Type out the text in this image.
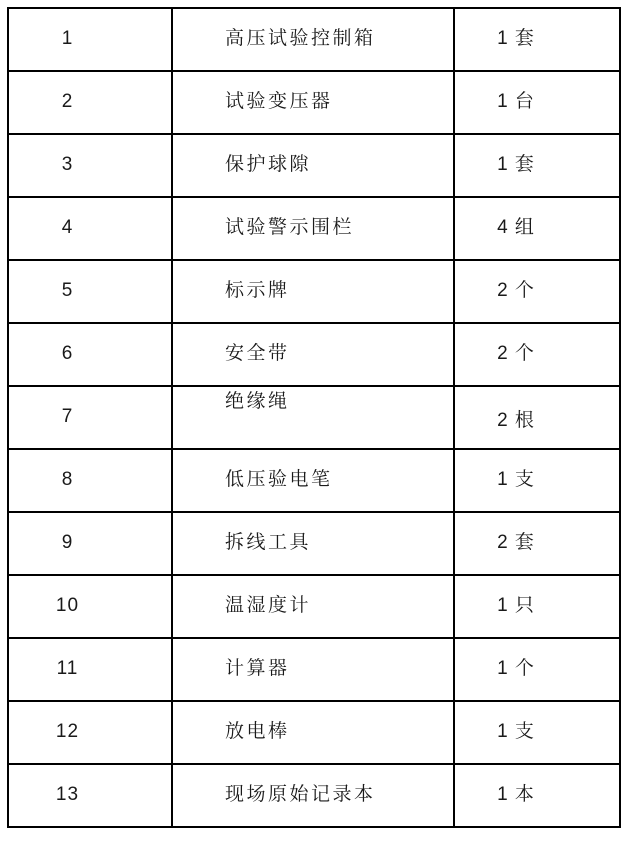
1	高压试验控制箱	1 套
2	试验变压器	1 台
3	保护球隙	1 套
4	试验警示围栏	4 组
5	标示牌	2 个
6	安全带	2 个
7	绝缘绳	2 根
8	低压验电笔	1 支
9	拆线工具	2 套
10	温湿度计	1 只
11	计算器	1 个
12	放电棒	1 支
13	现场原始记录本	1 本
